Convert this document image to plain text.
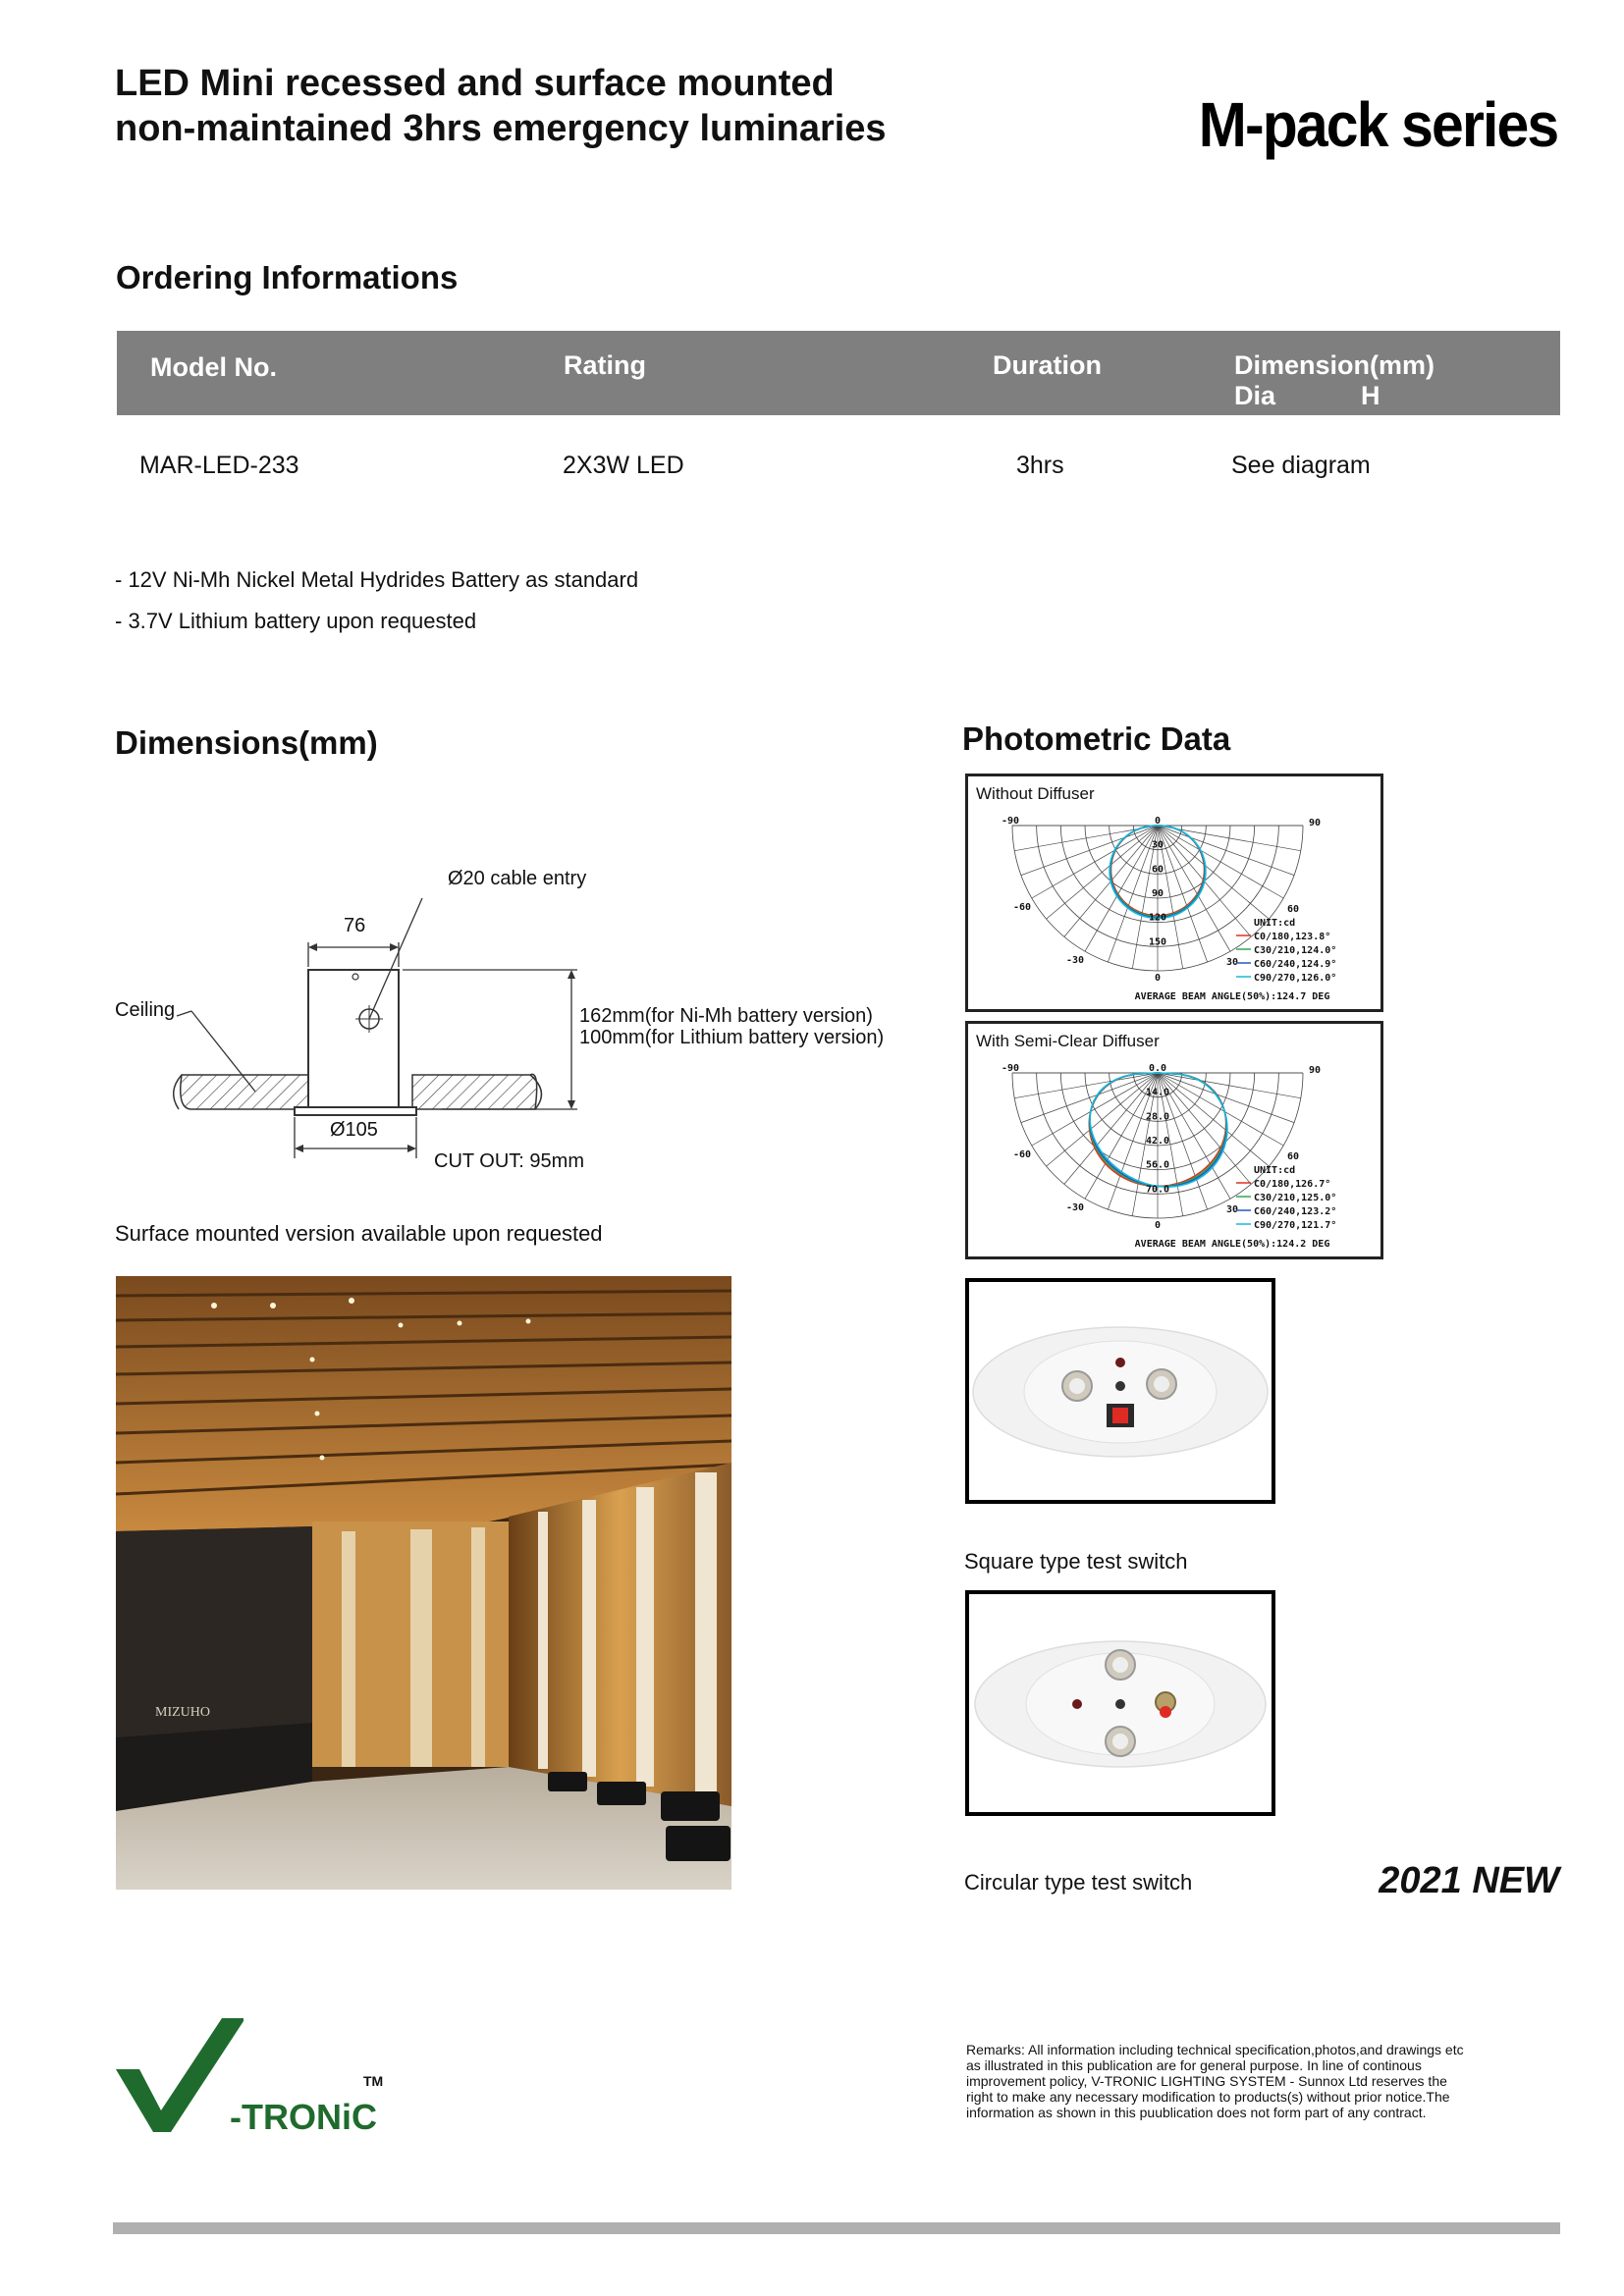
LED Mini recessed and surface mounted
non-maintained 3hrs emergency luminaries	M-pack series
Ordering Informations
Model No.	Rating	Duration	Dimension(mm)
Dia	H
MAR-LED-233	2X3W LED	3hrs	See diagram
- 12V Ni-Mh Nickel Metal Hydrides Battery as standard
- 3.7V Lithium battery upon requested
Dimensions(mm)
Ø20 cable entry
76
Ceiling	162mm(for Ni-Mh battery version)
100mm(for Lithium battery version)
Ø105
CUT OUT: 95mm
Surface mounted version available upon requested
MIZUHO
Photometric Data
Without Diffuser
-90	90
-60	60
-30	30
0
30
60
90
120
150
0
UNIT:cd
C0/180,123.8°
C30/210,124.0°
C60/240,124.9°
C90/270,126.0°
AVERAGE BEAM ANGLE(50%):124.7 DEG
With Semi-Clear Diffuser
-90	90
-60	60
-30	30
0.0
14.0
28.0
42.0
56.0
70.0
0
UNIT:cd
C0/180,126.7°
C30/210,125.0°
C60/240,123.2°
C90/270,121.7°
AVERAGE BEAM ANGLE(50%):124.2 DEG
Square type test switch
Circular type test switch	2021 NEW
-TRONiC
TM
Remarks: All information including technical specification,photos,and drawings etc as illustrated in this publication are for general purpose. In line of continous improvement policy, V-TRONIC LIGHTING SYSTEM - Sunnox Ltd reserves the right to make any necessary modification to products(s) without prior notice.The information as shown in this puublication does not form part of any contract.
